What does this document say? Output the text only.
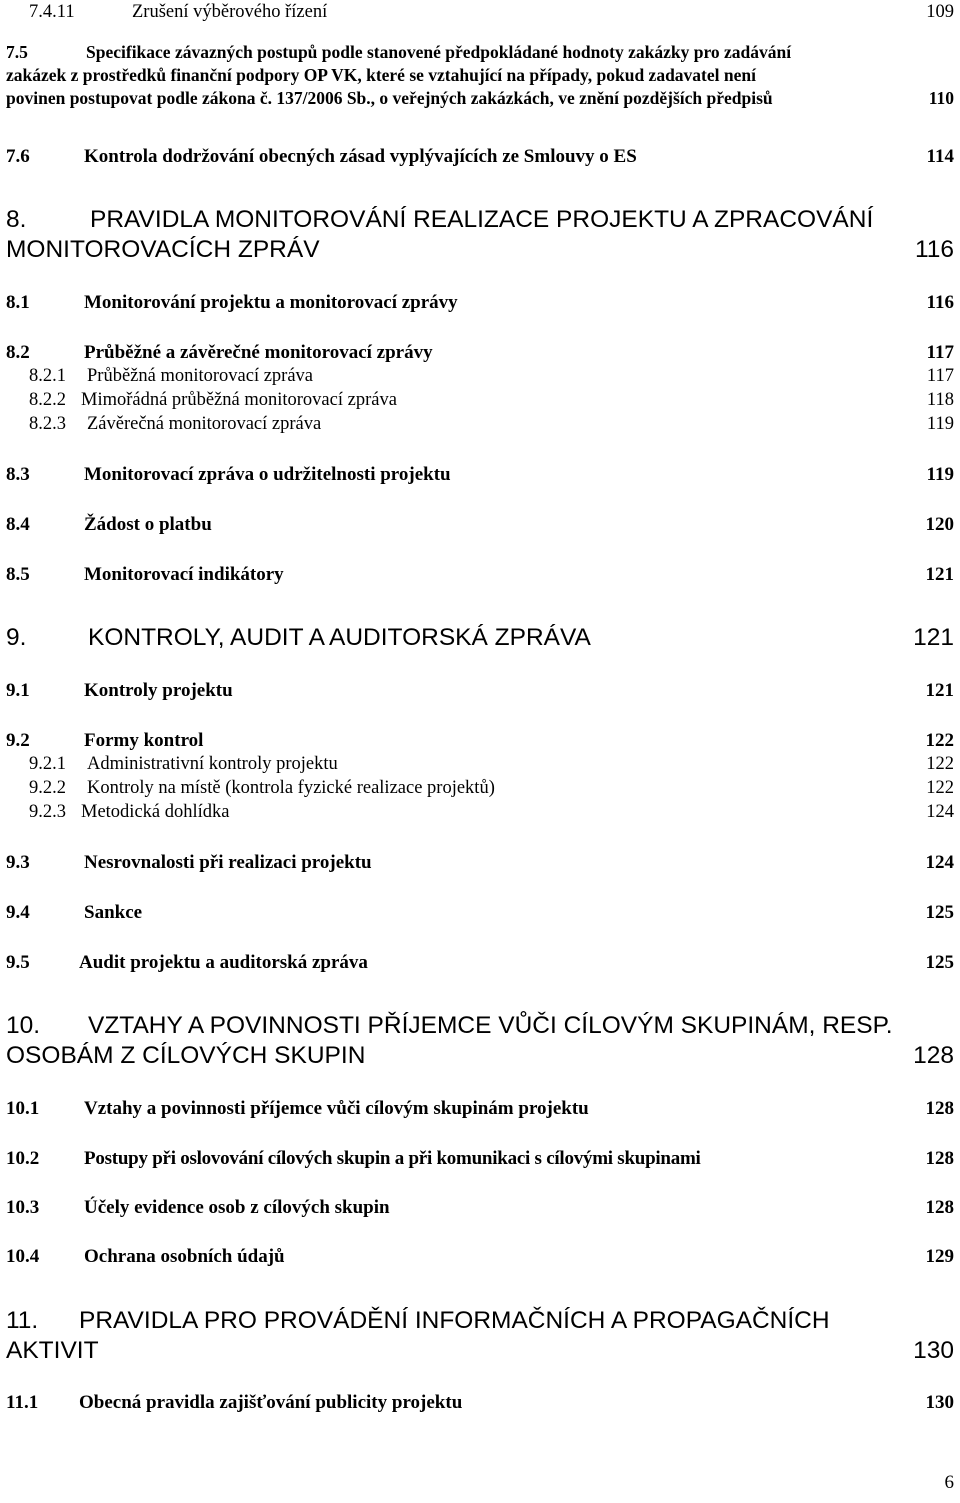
7.4.11	Zrušení výběrového řízení	109
7.5	Specifikace závazných postupů podle stanovené předpokládané hodnoty zakázky pro zadávání
zakázek z prostředků finanční podpory OP VK, které se vztahující na případy, pokud zadavatel není
povinen postupovat podle zákona č. 137/2006 Sb., o veřejných zakázkách, ve znění pozdějších předpisů	110
7.6	Kontrola dodržování obecných zásad vyplývajících ze Smlouvy o ES	114
8.	PRAVIDLA MONITOROVÁNÍ REALIZACE PROJEKTU A ZPRACOVÁNÍ
MONITOROVACÍCH ZPRÁV	116
8.1	Monitorování projektu a monitorovací zprávy	116
8.2	Průběžné a závěrečné monitorovací zprávy	117
8.2.1 Průběžná monitorovací zpráva	117
8.2.2 Mimořádná průběžná monitorovací zpráva	118
8.2.3 Závěrečná monitorovací zpráva	119
8.3	Monitorovací zpráva o udržitelnosti projektu	119
8.4	Žádost o platbu	120
8.5	Monitorovací indikátory	121
9.	KONTROLY, AUDIT A AUDITORSKÁ ZPRÁVA	121
9.1	Kontroly projektu	121
9.2	Formy kontrol	122
9.2.1 Administrativní kontroly projektu	122
9.2.2 Kontroly na místě (kontrola fyzické realizace projektů)	122
9.2.3 Metodická dohlídka	124
9.3	Nesrovnalosti při realizaci projektu	124
9.4	Sankce	125
9.5	Audit projektu a auditorská zpráva	125
10. VZTAHY A POVINNOSTI PŘÍJEMCE VŮČI CÍLOVÝM SKUPINÁM, RESP.
OSOBÁM Z CÍLOVÝCH SKUPIN	128
10.1 Vztahy a povinnosti příjemce vůči cílovým skupinám projektu	128
10.2 Postupy při oslovování cílových skupin a při komunikaci s cílovými skupinami	128
10.3 Účely evidence osob z cílových skupin	128
10.4 Ochrana osobních údajů	129
11. PRAVIDLA PRO PROVÁDĚNÍ INFORMAČNÍCH A PROPAGAČNÍCH
AKTIVIT	130
11.1 Obecná pravidla zajišťování publicity projektu	130
6
